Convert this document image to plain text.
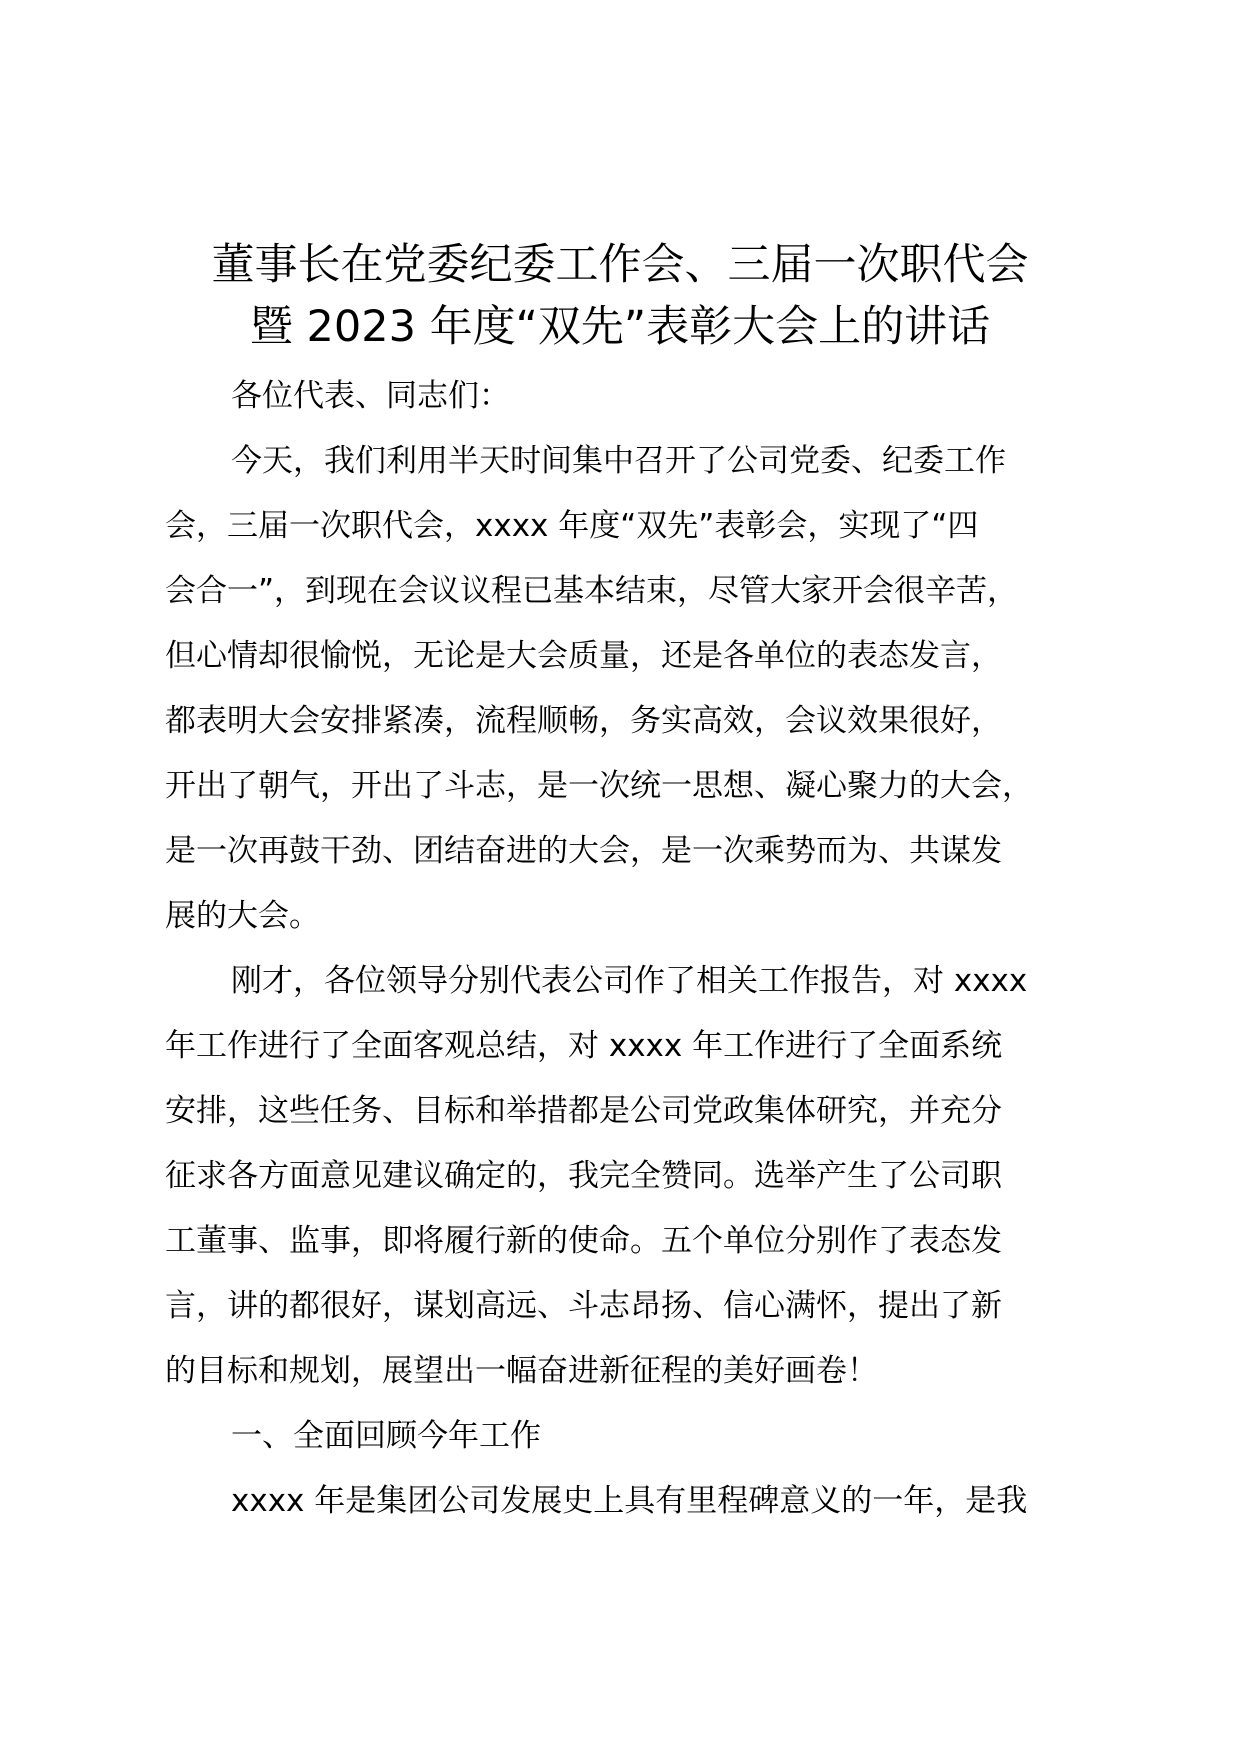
董事长在党委纪委工作会、三届一次职代会
暨 2023 年度“双先”表彰大会上的讲话

各位代表、同志们：

今天，我们利用半天时间集中召开了公司党委、纪委工作

会，三届一次职代会，xxxx 年度“双先”表彰会，实现了“四

会合一”，到现在会议议程已基本结束，尽管大家开会很辛苦，

但心情却很愉悦，无论是大会质量，还是各单位的表态发言，

都表明大会安排紧凑，流程顺畅，务实高效，会议效果很好，

开出了朝气，开出了斗志，是一次统一思想、凝心聚力的大会，

是一次再鼓干劲、团结奋进的大会，是一次乘势而为、共谋发

展的大会。

刚才，各位领导分别代表公司作了相关工作报告，对 xxxx

年工作进行了全面客观总结，对 xxxx 年工作进行了全面系统

安排，这些任务、目标和举措都是公司党政集体研究，并充分

征求各方面意见建议确定的，我完全赞同。选举产生了公司职

工董事、监事，即将履行新的使命。五个单位分别作了表态发

言，讲的都很好，谋划高远、斗志昂扬、信心满怀，提出了新

的目标和规划，展望出一幅奋进新征程的美好画卷！

一、全面回顾今年工作

xxxx 年是集团公司发展史上具有里程碑意义的一年，是我
